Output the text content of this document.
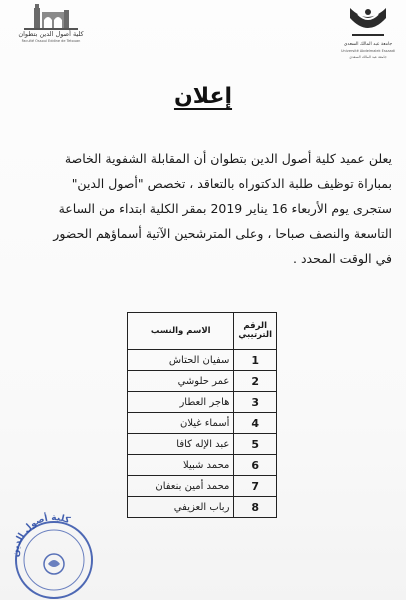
كلية أصول الدين بتطوان
Faculté Ossoul Eddine de Tetouan
جامعة عبد المالك السعدي
Université Abdelmalek Essaadi
جامعة عبد المالك السعدي
إعلان
يعلن عميد كلية أصول الدين بتطوان أن المقابلة الشفوية الخاصة
بمباراة توظيف طلبة الدكتوراه بالتعاقد ، تخصص "أصول الدين"
ستجرى يوم الأربعاء 16 يناير 2019 بمقر الكلية ابتداء من الساعة
التاسعة والنصف صباحا ، وعلى المترشحين الآتية أسماؤهم الحضور
في الوقت المحدد .
الرقم الترتيبي	الاسم والنسب
1	سفيان الحتاش
2	عمر حلوشي
3	هاجر العطار
4	أسماء غيلان
5	عبد الإله كافا
6	محمد شبيلا
7	محمد أمين بنعفان
8	رباب العزيفي
كلية أصول الدين
